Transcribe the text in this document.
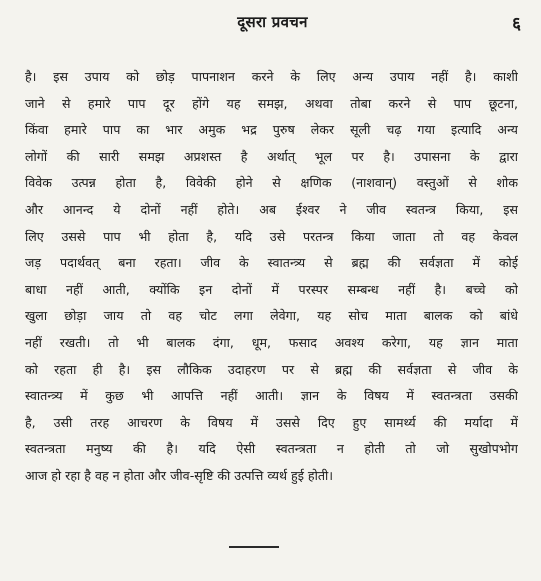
दूसरा प्रवचन	६
है। इस उपाय को छोड़ पापनाशन करने के लिए अन्य उपाय नहीं है। काशी
जाने से हमारे पाप दूर होंगे यह समझ, अथवा तोबा करने से पाप छूटना,
किंवा हमारे पाप का भार अमुक भद्र पुरुष लेकर सूली चढ़ गया इत्यादि अन्य
लोगों की सारी समझ अप्रशस्त है अर्थात् भूल पर है। उपासना के द्वारा
विवेक उत्पन्न होता है, विवेकी होने से क्षणिक (नाशवान्) वस्तुओं से शोक
और आनन्द ये दोनों नहीं होते। अब ईश्वर ने जीव स्वतन्त्र किया, इस
लिए उससे पाप भी होता है, यदि उसे परतन्त्र किया जाता तो वह केवल
जड़ पदार्थवत् बना रहता। जीव के स्वातन्त्र्य से ब्रह्म की सर्वज्ञता में कोई
बाधा नहीं आती, क्योंकि इन दोनों में परस्पर सम्बन्ध नहीं है। बच्चे को
खुला छोड़ा जाय तो वह चोट लगा लेवेगा, यह सोच माता बालक को बांधे
नहीं रखती। तो भी बालक दंगा, धूम, फसाद अवश्य करेगा, यह ज्ञान माता
को रहता ही है। इस लौकिक उदाहरण पर से ब्रह्म की सर्वज्ञता से जीव के
स्वातन्त्र्य में कुछ भी आपत्ति नहीं आती। ज्ञान के विषय में स्वतन्त्रता उसकी
है, उसी तरह आचरण के विषय में उससे दिए हुए सामर्थ्य की मर्यादा में
स्वतन्त्रता मनुष्य की है। यदि ऐसी स्वतन्त्रता न होती तो जो सुखोपभोग
आज हो रहा है वह न होता और जीव-सृष्टि की उत्पत्ति व्यर्थ हुई होती।
